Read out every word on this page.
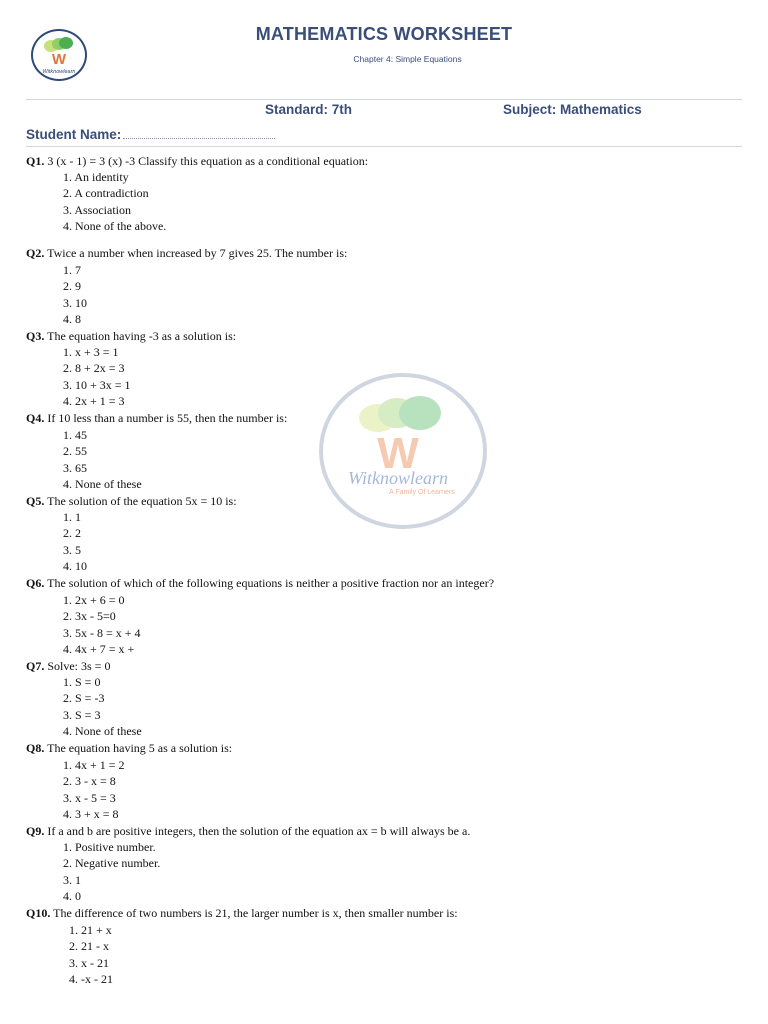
W
Witknowlearn
MATHEMATICS WORKSHEET
Chapter 4: Simple Equations
Standard: 7th	Subject: Mathematics
Student Name:
W
Witknowlearn
A Family Of Learners
Q1. 3 (x - 1) = 3 (x) -3 Classify this equation as a conditional equation:
1. An identity
2. A contradiction
3. Association
4. None of the above.
Q2. Twice a number when increased by 7 gives 25. The number is:
1. 7
2. 9
3. 10
4. 8
Q3. The equation having -3 as a solution is:
1. x + 3 = 1
2. 8 + 2x = 3
3. 10 + 3x = 1
4. 2x + 1 = 3
Q4. If 10 less than a number is 55, then the number is:
1. 45
2. 55
3. 65
4. None of these
Q5. The solution of the equation 5x = 10 is:
1. 1
2. 2
3. 5
4. 10
Q6. The solution of which of the following equations is neither a positive fraction nor an integer?
1. 2x + 6 = 0
2. 3x - 5=0
3. 5x - 8 = x + 4
4. 4x + 7 = x +
Q7. Solve: 3s = 0
1. S = 0
2. S = -3
3. S = 3
4. None of these
Q8. The equation having 5 as a solution is:
1. 4x + 1 = 2
2. 3 - x = 8
3. x - 5 = 3
4. 3 + x = 8
Q9. If a and b are positive integers, then the solution of the equation ax = b will always be a.
1. Positive number.
2. Negative number.
3. 1
4. 0
Q10. The difference of two numbers is 21, the larger number is x, then smaller number is:
1. 21 + x
2. 21 - x
3. x - 21
4. -x - 21
